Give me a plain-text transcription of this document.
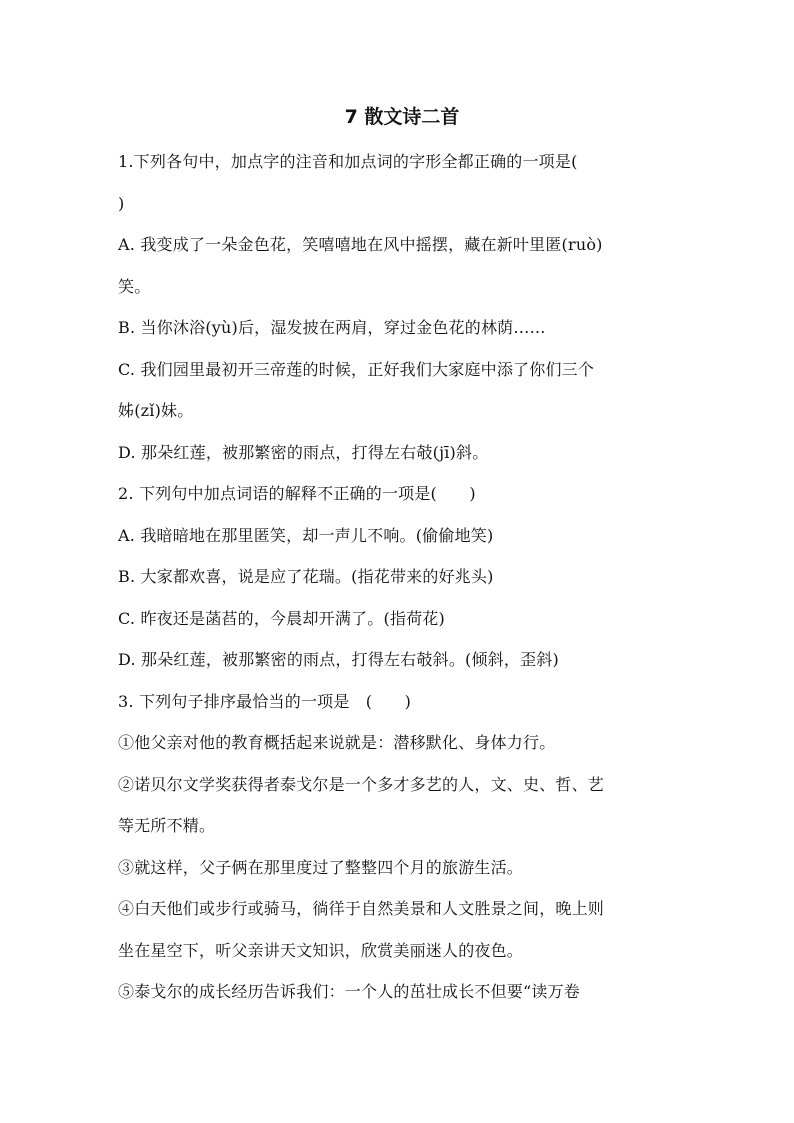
7 散文诗二首
1.下列各句中，加点字的注音和加点词的字形全都正确的一项是(
)
A. 我变成了一朵金色花，笑嘻嘻地在风中摇摆，藏在新叶里匿(ruò)
笑。
B. 当你沐浴(yù)后，湿发披在两肩，穿过金色花的林荫……
C. 我们园里最初开三帝莲的时候，正好我们大家庭中添了你们三个
姊(zǐ)妹。
D. 那朵红莲，被那繁密的雨点，打得左右攲(jī)斜。
2. 下列句中加点词语的解释不正确的一项是(　　)
A. 我暗暗地在那里匿笑，却一声儿不响。(偷偷地笑)
B. 大家都欢喜，说是应了花瑞。(指花带来的好兆头)
C. 昨夜还是菡萏的，今晨却开满了。(指荷花)
D. 那朵红莲，被那繁密的雨点，打得左右攲斜。(倾斜，歪斜)
3. 下列句子排序最恰当的一项是　(　　)
①他父亲对他的教育概括起来说就是：潜移默化、身体力行。
②诺贝尔文学奖获得者泰戈尔是一个多才多艺的人，文、史、哲、艺
等无所不精。
③就这样，父子俩在那里度过了整整四个月的旅游生活。
④白天他们或步行或骑马，徜徉于自然美景和人文胜景之间，晚上则
坐在星空下，听父亲讲天文知识，欣赏美丽迷人的夜色。
⑤泰戈尔的成长经历告诉我们：一个人的茁壮成长不但要“读万卷
